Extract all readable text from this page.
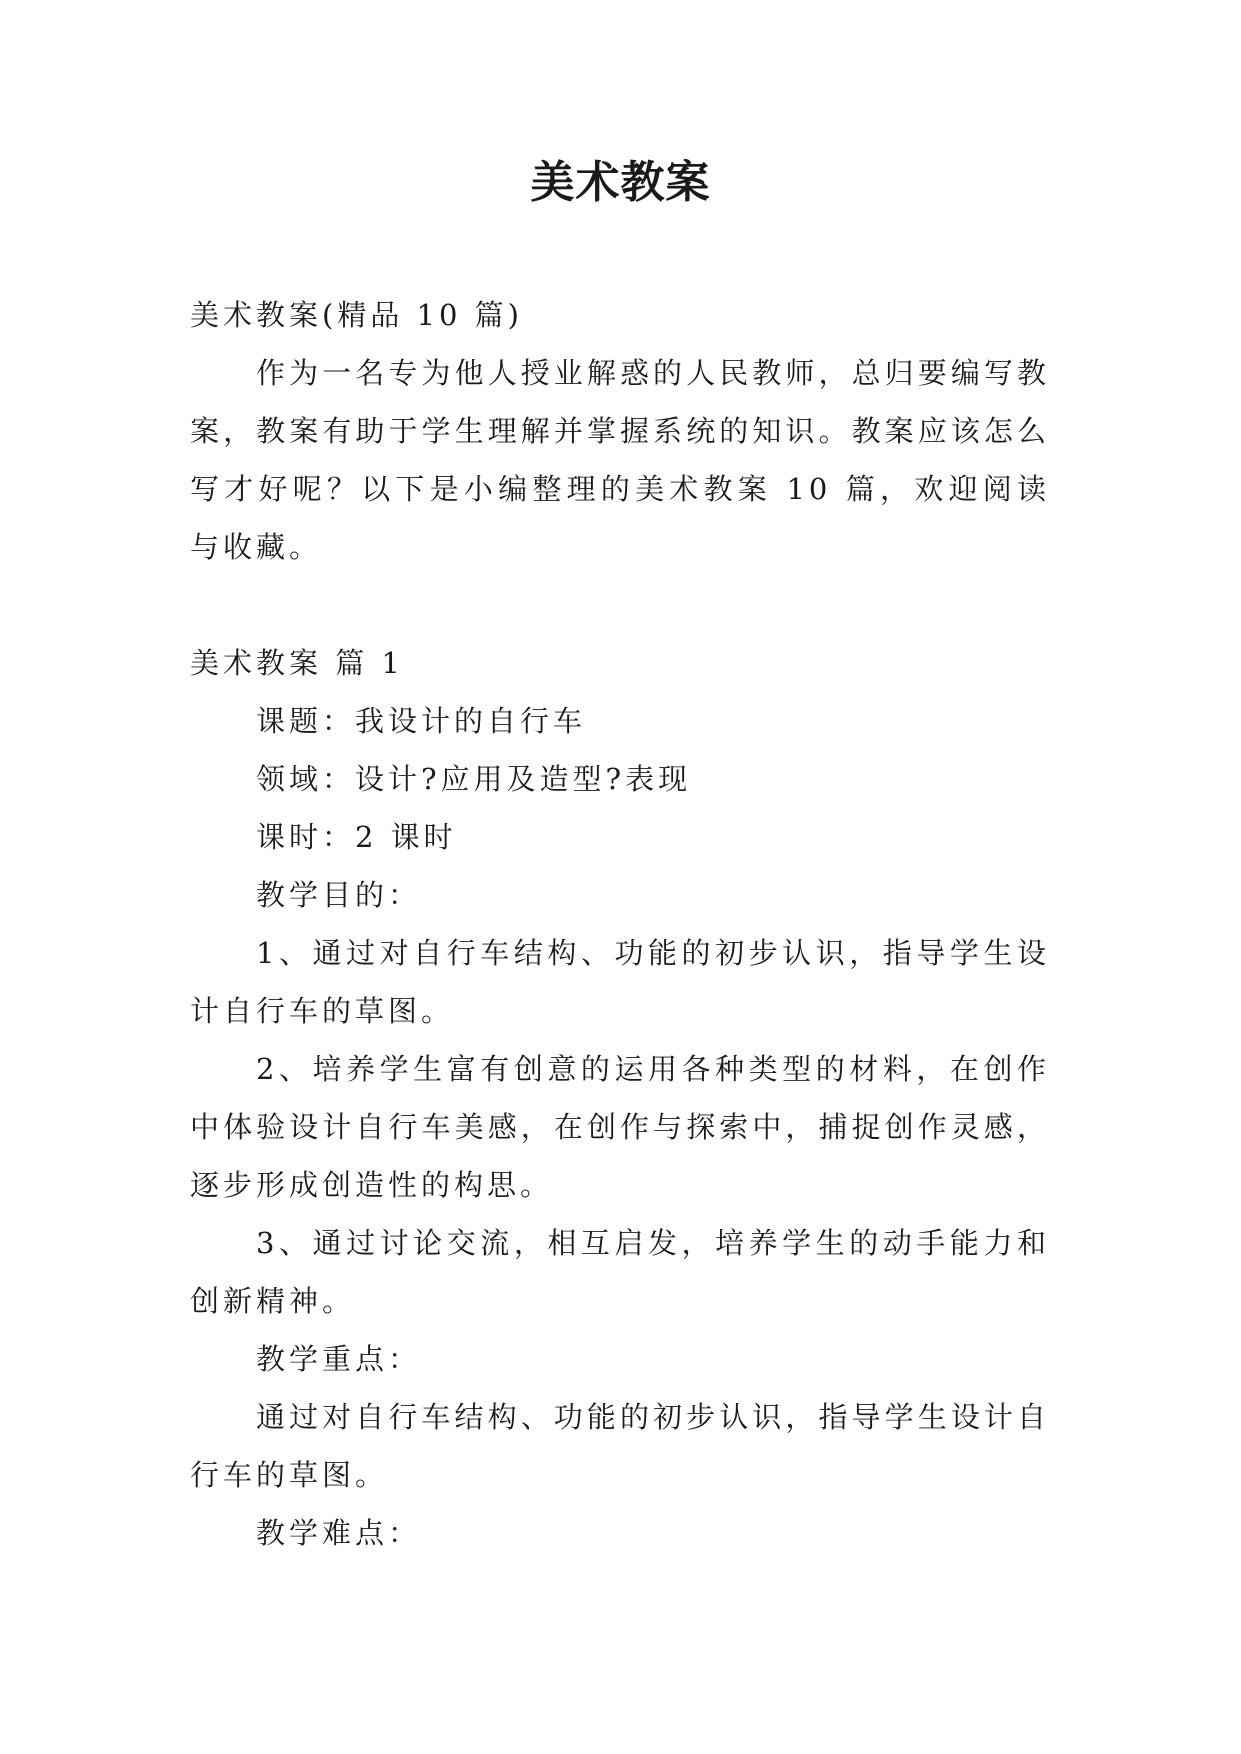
美术教案

美术教案(精品 10 篇)

作为一名专为他人授业解惑的人民教师，总归要编写教案，教案有助于学生理解并掌握系统的知识。教案应该怎么写才好呢？以下是小编整理的美术教案 10 篇，欢迎阅读与收藏。

美术教案 篇 1

课题：我设计的自行车

领域：设计?应用及造型?表现

课时：2 课时

教学目的：

1、通过对自行车结构、功能的初步认识，指导学生设计自行车的草图。

2、培养学生富有创意的运用各种类型的材料，在创作中体验设计自行车美感，在创作与探索中，捕捉创作灵感，逐步形成创造性的构思。

3、通过讨论交流，相互启发，培养学生的动手能力和创新精神。

教学重点：

通过对自行车结构、功能的初步认识，指导学生设计自行车的草图。

教学难点：
